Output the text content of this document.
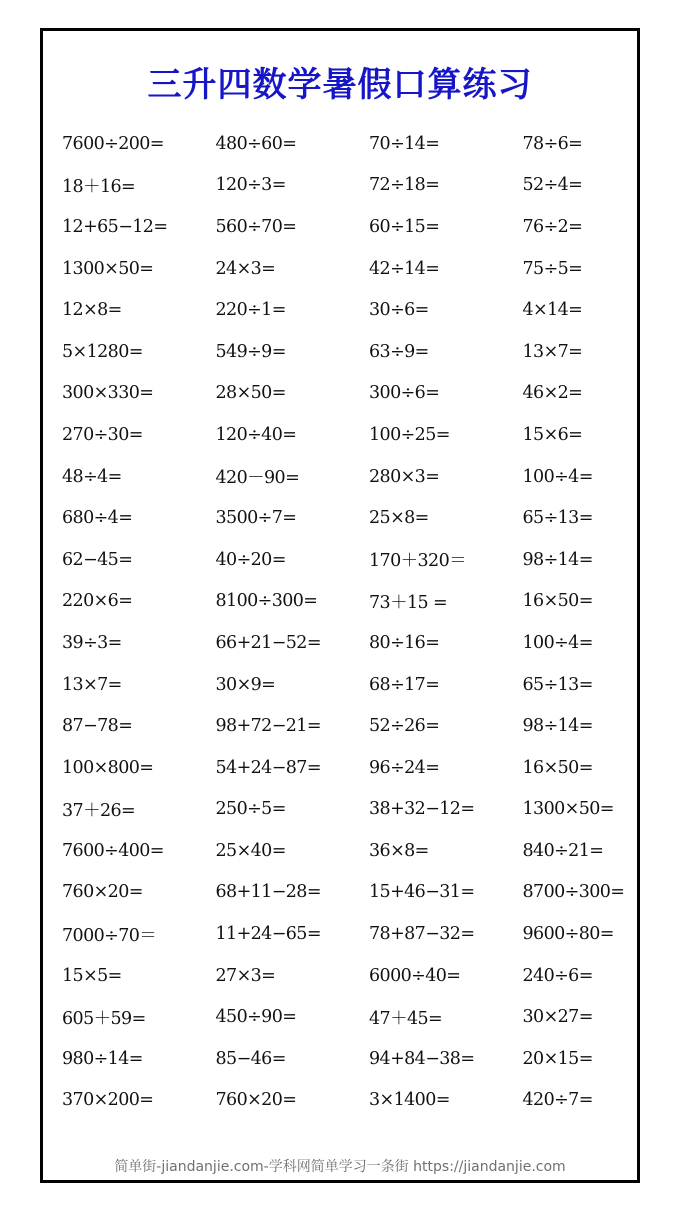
三升四数学暑假口算练习
7600÷200=	480÷60=	70÷14=	78÷6=
18＋16=	120÷3=	72÷18=	52÷4=
12+65−12=	560÷70=	60÷15=	76÷2=
1300×50=	24×3=	42÷14=	75÷5=
12×8=	220÷1=	30÷6=	4×14=
5×1280=	549÷9=	63÷9=	13×7=
300×330=	28×50=	300÷6=	46×2=
270÷30=	120÷40=	100÷25=	15×6=
48÷4=	420－90=	280×3=	100÷4=
680÷4=	3500÷7=	25×8=	65÷13=
62−45=	40÷20=	170＋320＝	98÷14=
220×6=	8100÷300=	73＋15 =	16×50=
39÷3=	66+21−52=	80÷16=	100÷4=
13×7=	30×9=	68÷17=	65÷13=
87−78=	98+72−21=	52÷26=	98÷14=
100×800=	54+24−87=	96÷24=	16×50=
37＋26=	250÷5=	38+32−12=	1300×50=
7600÷400=	25×40=	36×8=	840÷21=
760×20=	68+11−28=	15+46−31=	8700÷300=
7000÷70＝	11+24−65=	78+87−32=	9600÷80=
15×5=	27×3=	6000÷40=	240÷6=
605＋59=	450÷90=	47＋45=	30×27=
980÷14=	85−46=	94+84−38=	20×15=
370×200=	760×20=	3×1400=	420÷7=
简单街-jiandanjie.com-学科网简单学习一条街 https://jiandanjie.com
